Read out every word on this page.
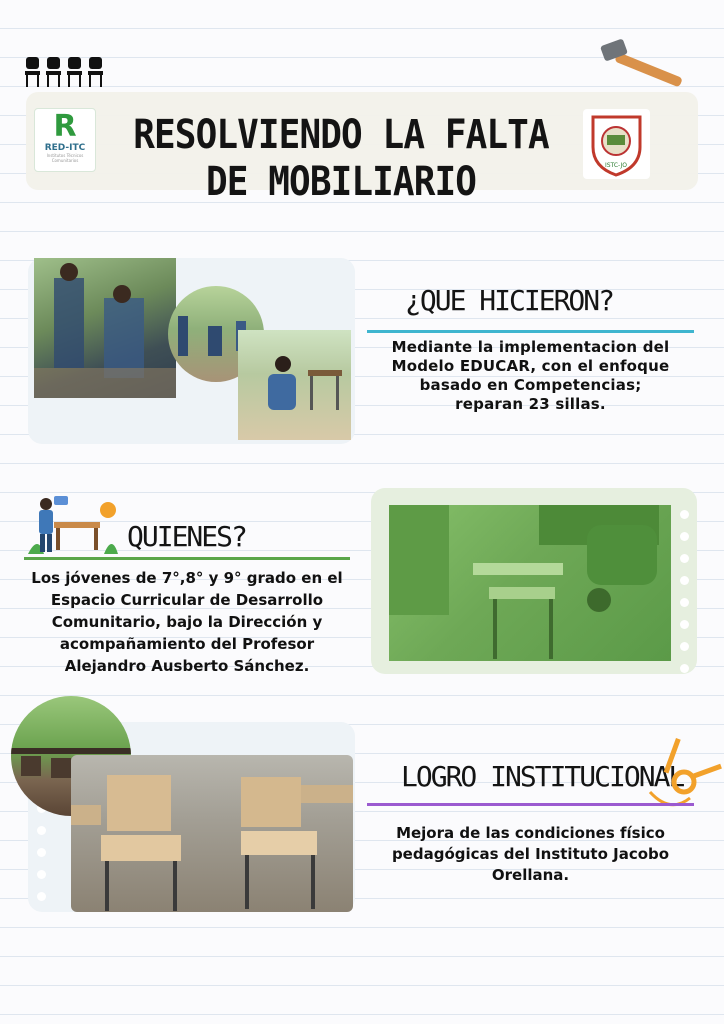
R
RED-ITC
Institutos Técnicos Comunitarios
ISTC-JO
RESOLVIENDO LA FALTA
DE MOBILIARIO
¿QUE HICIERON?
Mediante la implementacion del
Modelo EDUCAR, con el enfoque
basado en Competencias;
reparan 23 sillas.
QUIENES?
Los jóvenes de 7°,8° y 9° grado en el
Espacio Curricular de Desarrollo
Comunitario, bajo la Dirección y
acompañamiento del Profesor
Alejandro Ausberto Sánchez.
LOGRO INSTITUCIONAL
Mejora de las condiciones físico
pedagógicas del Instituto Jacobo
Orellana.
